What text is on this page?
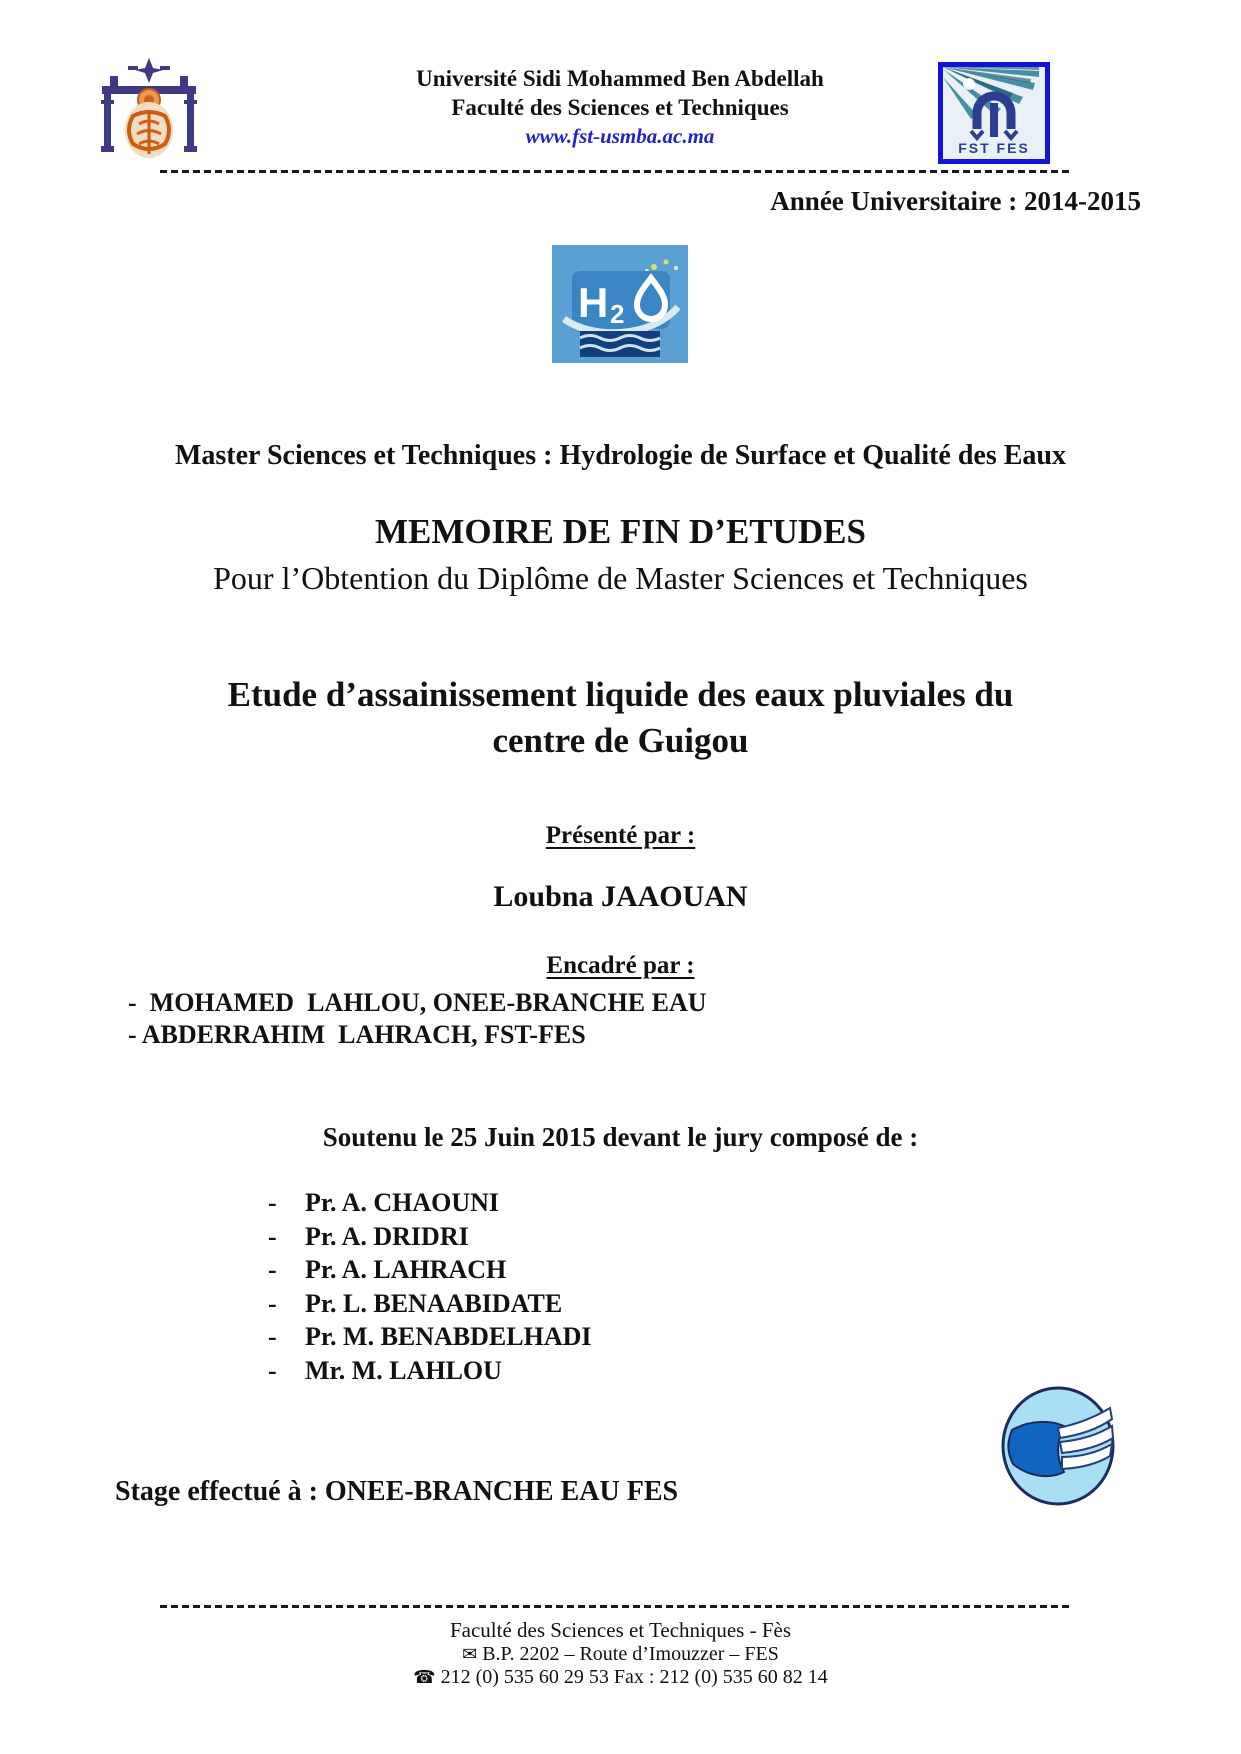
Université Sidi Mohammed Ben Abdellah
Faculté des Sciences et Techniques
www.fst-usmba.ac.ma	FST FES
Année Universitaire : 2014-2015
H 2
Master Sciences et Techniques : Hydrologie de Surface et Qualité des Eaux
MEMOIRE DE FIN D’ETUDES
Pour l’Obtention du Diplôme de Master Sciences et Techniques
Etude d’assainissement liquide des eaux pluviales du
centre de Guigou
Présenté par :
Loubna JAAOUAN
Encadré par :
-  MOHAMED  LAHLOU, ONEE-BRANCHE EAU
- ABDERRAHIM  LAHRACH, FST-FES
Soutenu le 25 Juin 2015 devant le jury composé de :
-	Pr. A. CHAOUNI
-	Pr. A. DRIDRI
-	Pr. A. LAHRACH
-	Pr. L. BENAABIDATE
-	Pr. M. BENABDELHADI
-	Mr. M. LAHLOU
Stage effectué à : ONEE-BRANCHE EAU FES
Faculté des Sciences et Techniques - Fès
✉ B.P. 2202 – Route d’Imouzzer – FES
☎ 212 (0) 535 60 29 53 Fax : 212 (0) 535 60 82 14
